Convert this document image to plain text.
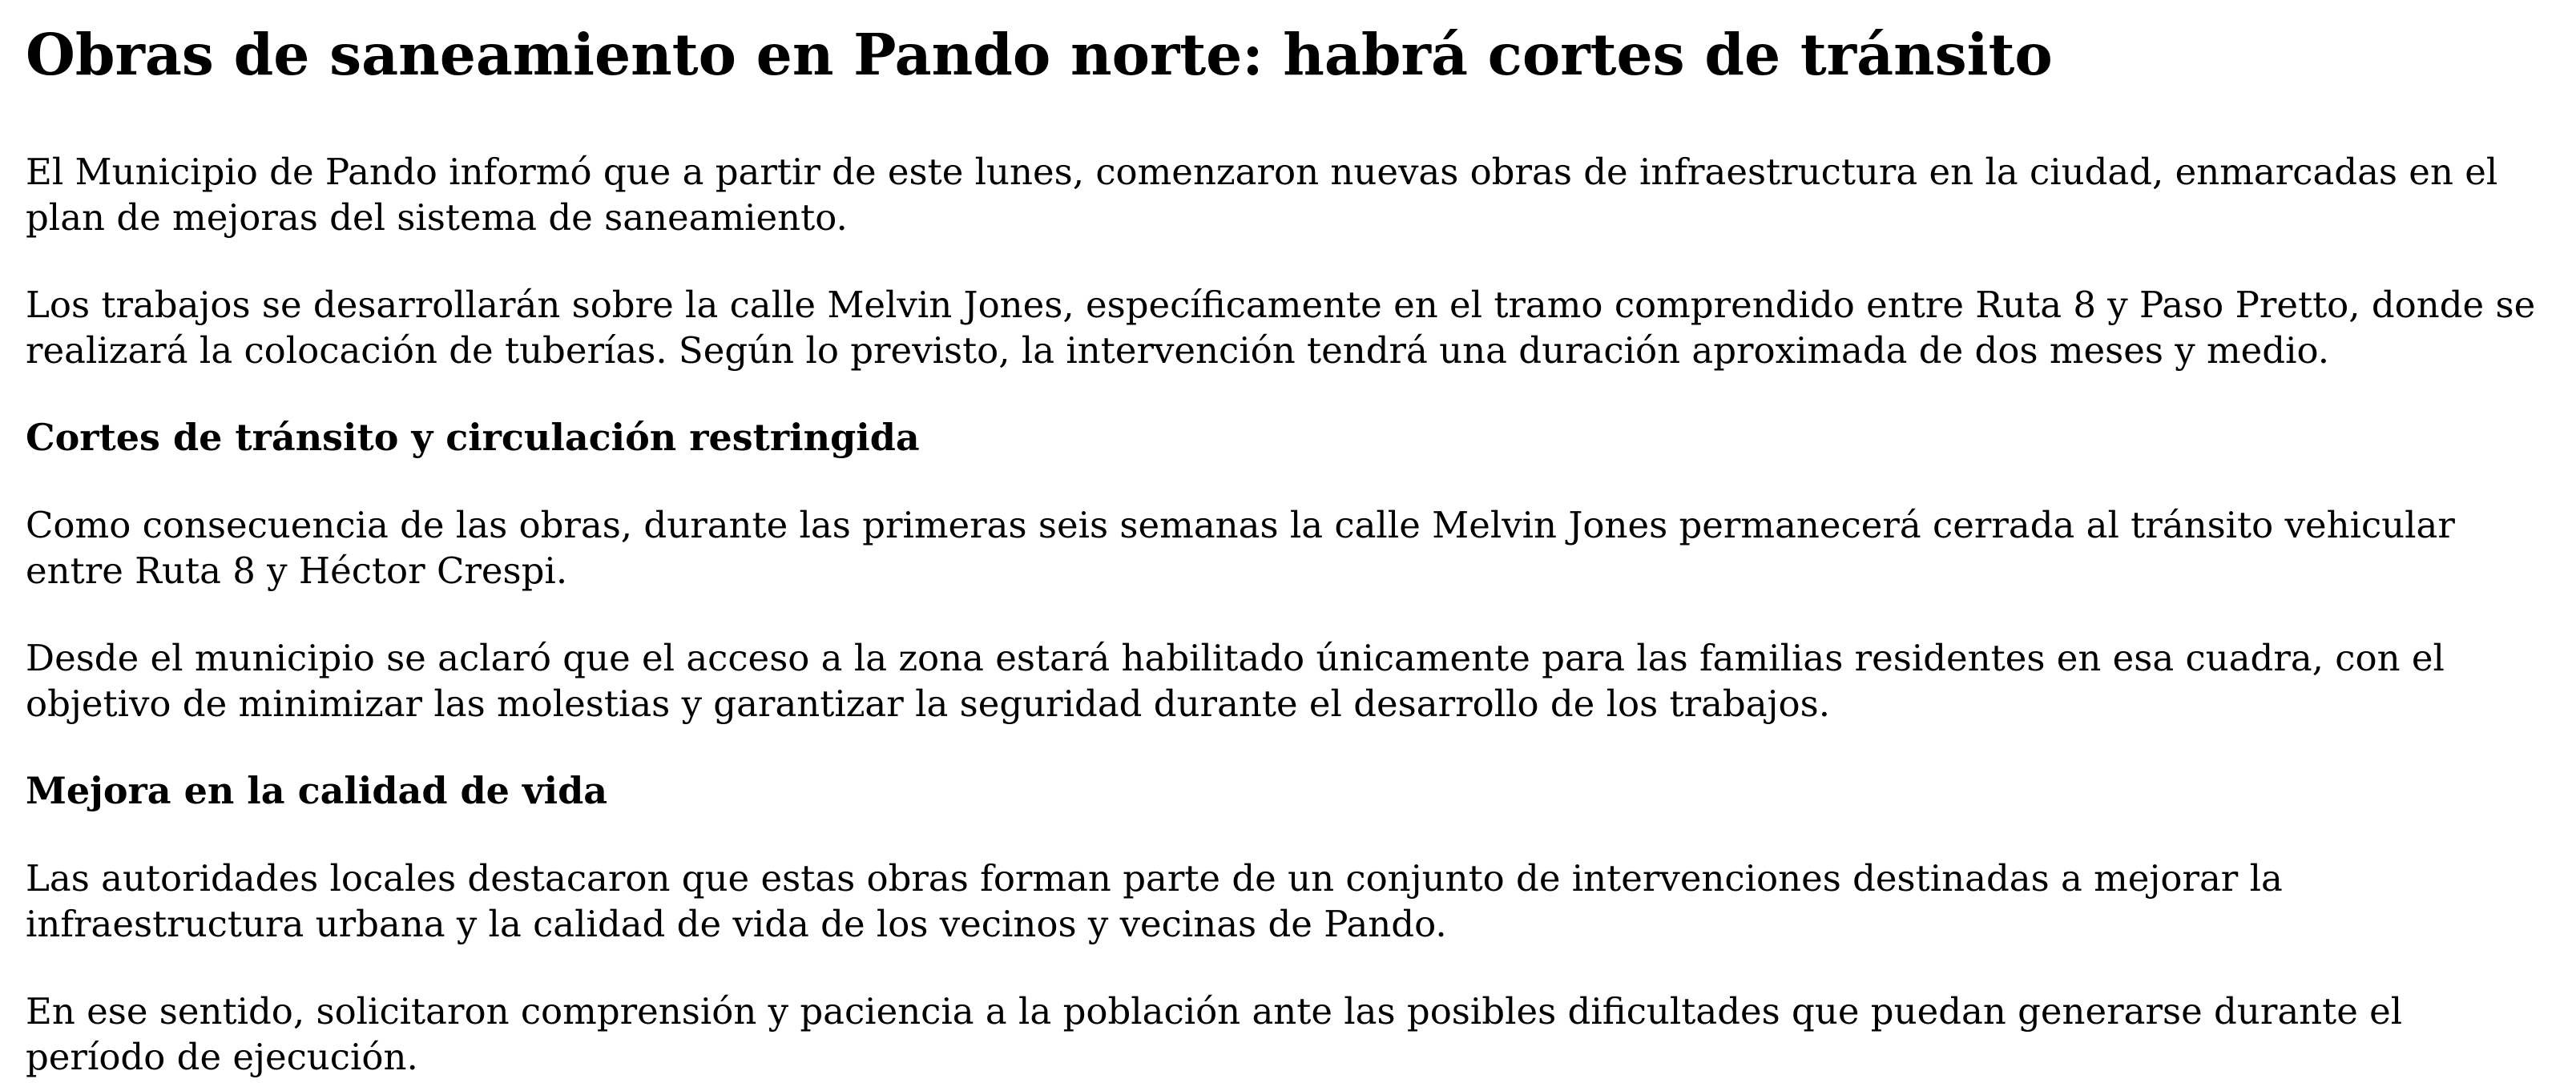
Obras de saneamiento en Pando norte: habrá cortes de tránsito

El Municipio de Pando informó que a partir de este lunes, comenzaron nuevas obras de infraestructura en la ciudad, enmarcadas en el plan de mejoras del sistema de saneamiento.

Los trabajos se desarrollarán sobre la calle Melvin Jones, específicamente en el tramo comprendido entre Ruta 8 y Paso Pretto, donde se realizará la colocación de tuberías. Según lo previsto, la intervención tendrá una duración aproximada de dos meses y medio.

Cortes de tránsito y circulación restringida

Como consecuencia de las obras, durante las primeras seis semanas la calle Melvin Jones permanecerá cerrada al tránsito vehicular entre Ruta 8 y Héctor Crespi.

Desde el municipio se aclaró que el acceso a la zona estará habilitado únicamente para las familias residentes en esa cuadra, con el objetivo de minimizar las molestias y garantizar la seguridad durante el desarrollo de los trabajos.

Mejora en la calidad de vida

Las autoridades locales destacaron que estas obras forman parte de un conjunto de intervenciones destinadas a mejorar la infraestructura urbana y la calidad de vida de los vecinos y vecinas de Pando.

En ese sentido, solicitaron comprensión y paciencia a la población ante las posibles dificultades que puedan generarse durante el período de ejecución.
